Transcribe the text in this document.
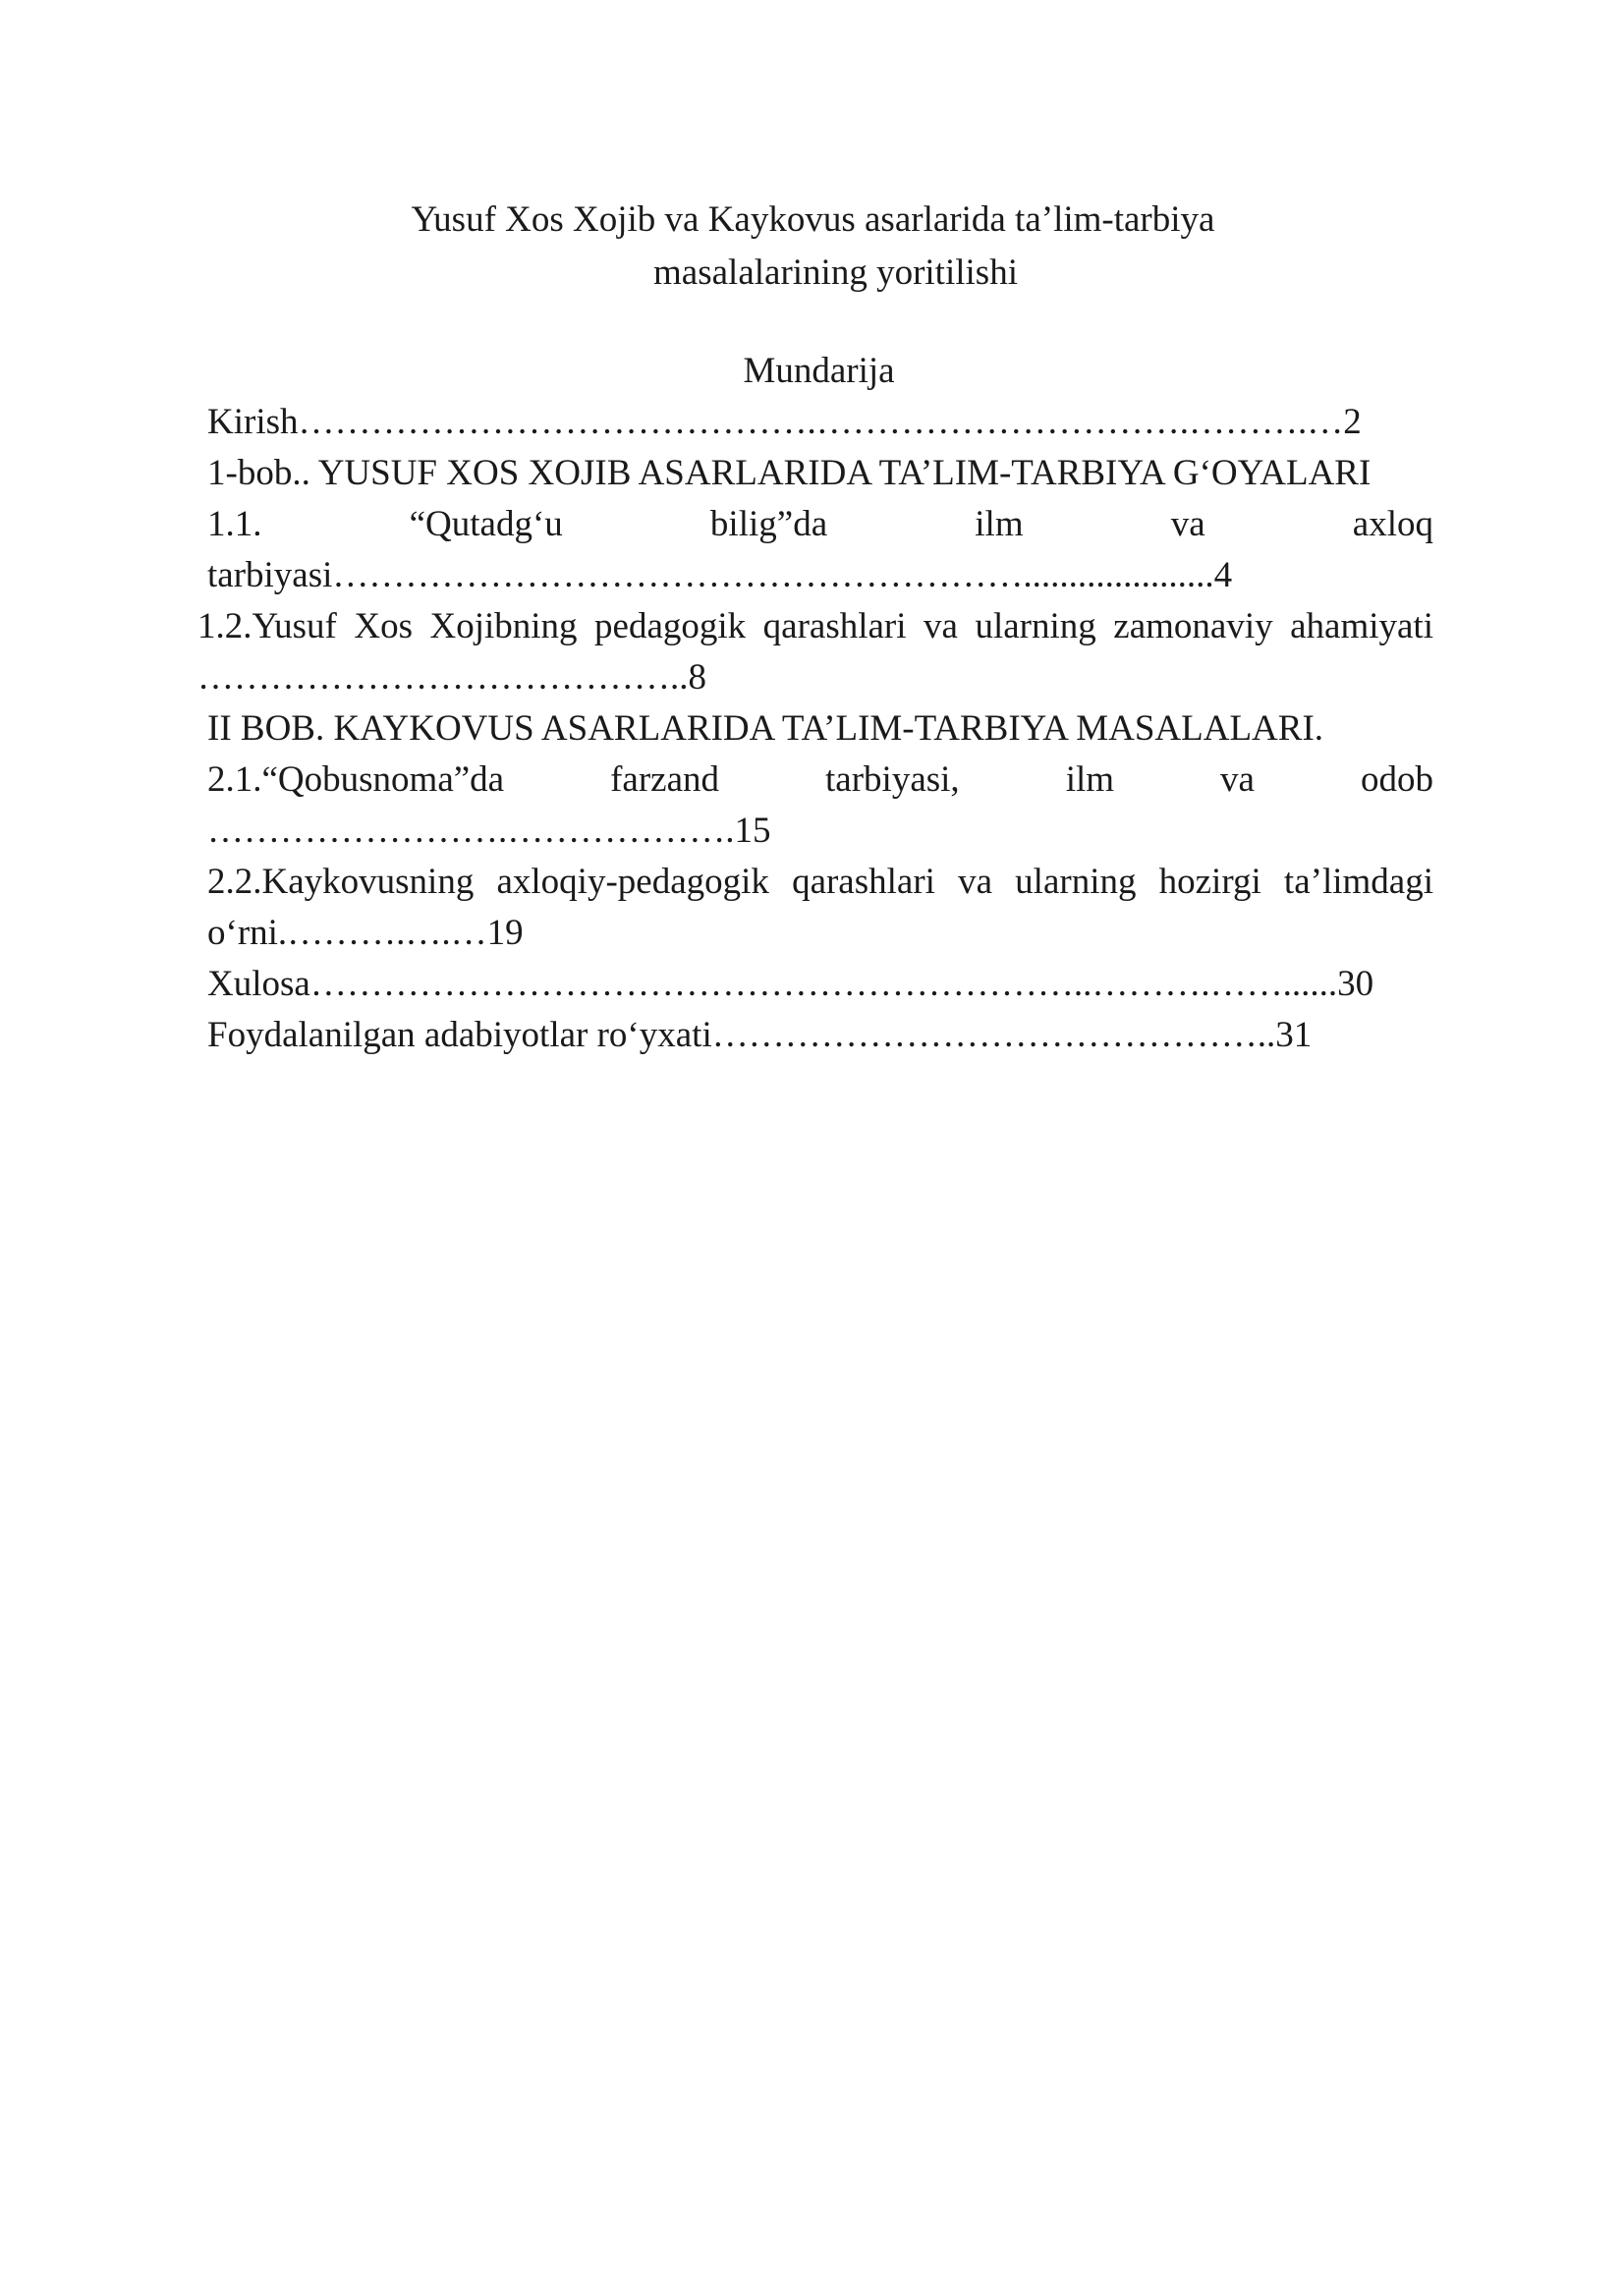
Yusuf Xos Xojib va Kaykovus asarlarida ta’lim-tarbiya
masalalarining yoritilishi
Mundarija

Kirish…………………………………….………………………….……….…2

1-bob.. YUSUF XOS XOJIB ASARLARIDA TA’LIM-TARBIYA G‘OYALARI

1.1. “Qutadg‘u bilig”da ilm va axloq tarbiyasi………………………………………………….....................4

1.2.Yusuf Xos Xojibning pedagogik qarashlari va ularning zamonaviy ahamiyati …………………………………..8

II BOB. KAYKOVUS ASARLARIDA TA’LIM-TARBIYA MASALALARI.

2.1.“Qobusnoma”da farzand tarbiyasi, ilm va odob …………………….……………….15

2.2.Kaykovusning axloqiy-pedagogik qarashlari va ularning hozirgi ta’limdagi o‘rni.……….….…19

Xulosa………………………………………………………..……….……......30

Foydalanilgan adabiyotlar ro‘yxati………………………………………..31
